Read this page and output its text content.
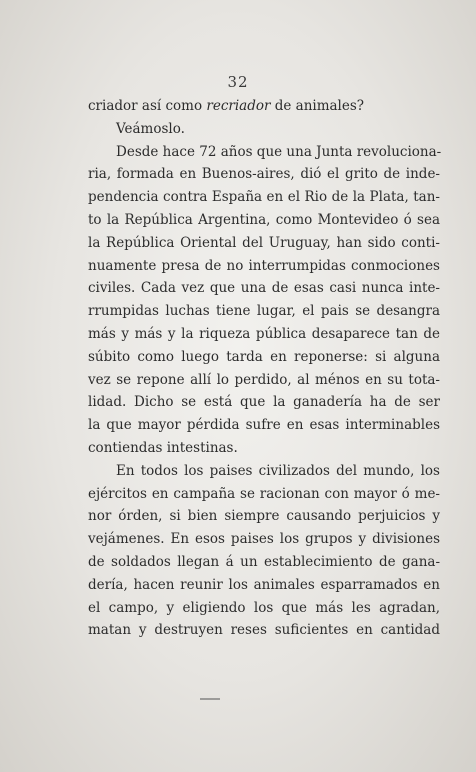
32
criador así como recriador de animales?
Veámoslo.
Desde hace 72 años que una Junta revoluciona-
ria, formada en Buenos-aires, dió el grito de inde-
pendencia contra España en el Rio de la Plata, tan-
to la República Argentina, como Montevideo ó sea
la República Oriental del Uruguay, han sido conti-
nuamente presa de no interrumpidas conmociones
civiles. Cada vez que una de esas casi nunca inte-
rrumpidas luchas tiene lugar, el pais se desangra
más y más y la riqueza pública desaparece tan de
súbito como luego tarda en reponerse: si alguna
vez se repone allí lo perdido, al ménos en su tota-
lidad. Dicho se está que la ganadería ha de ser
la que mayor pérdida sufre en esas interminables
contiendas intestinas.
En todos los paises civilizados del mundo, los
ejércitos en campaña se racionan con mayor ó me-
nor órden, si bien siempre causando perjuicios y
vejámenes. En esos paises los grupos y divisiones
de soldados llegan á un establecimiento de gana-
dería, hacen reunir los animales esparramados en
el campo, y eligiendo los que más les agradan,
matan y destruyen reses suficientes en cantidad
